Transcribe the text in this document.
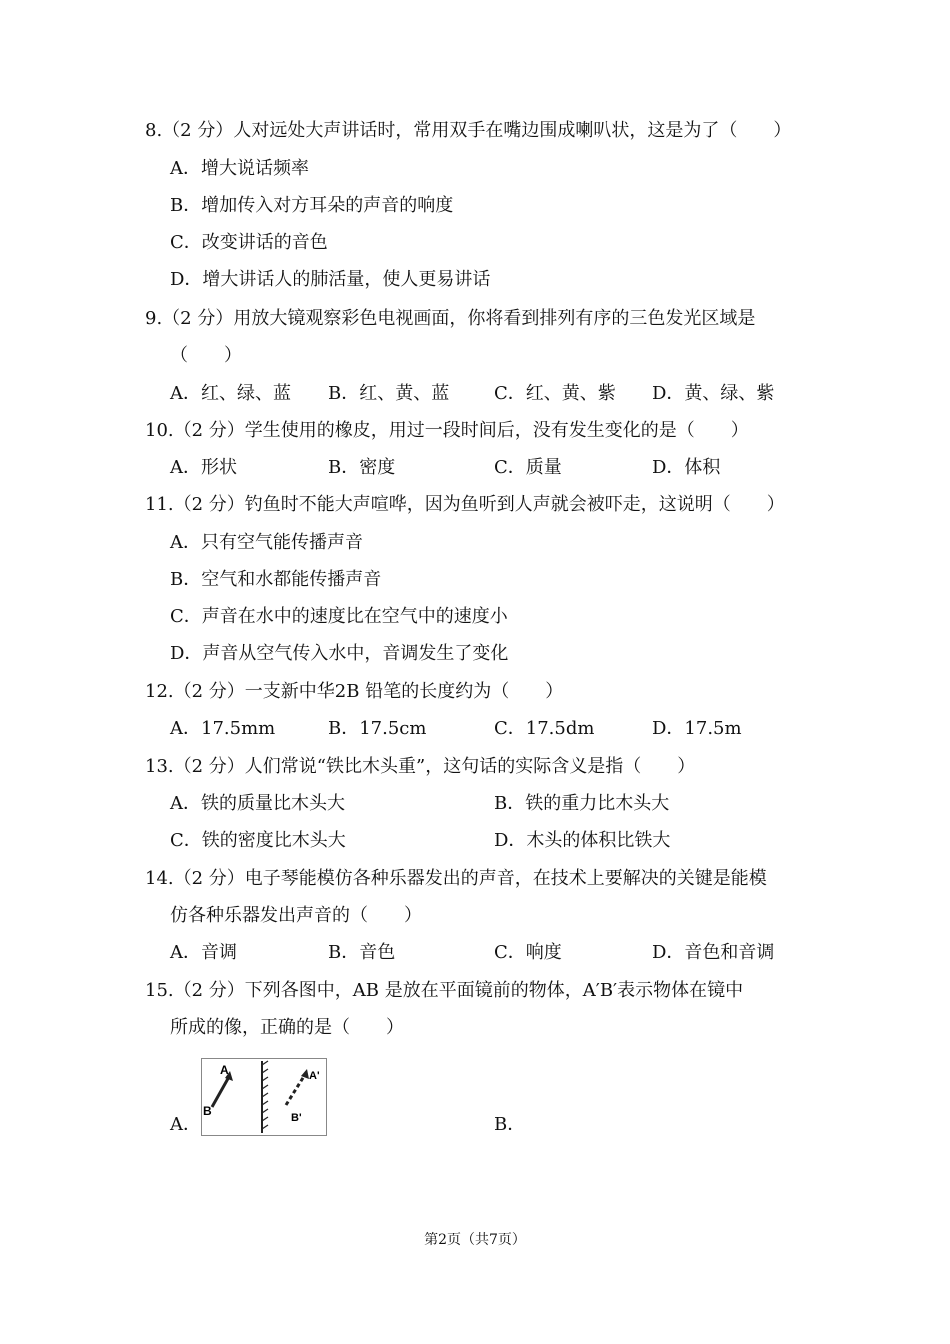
8.（2 分）人对远处大声讲话时，常用双手在嘴边围成喇叭状，这是为了（　　）
A．增大说话频率
B．增加传入对方耳朵的声音的响度
C．改变讲话的音色
D．增大讲话人的肺活量，使人更易讲话
9.（2 分）用放大镜观察彩色电视画面，你将看到排列有序的三色发光区域是
（　　）
A．红、绿、蓝 B．红、黄、蓝 C．红、黄、紫 D．黄、绿、紫
10.（2 分）学生使用的橡皮，用过一段时间后，没有发生变化的是（　　）
A．形状	B．密度	C．质量	D．体积
11.（2 分）钓鱼时不能大声喧哗，因为鱼听到人声就会被吓走，这说明（　　）
A．只有空气能传播声音
B．空气和水都能传播声音
C．声音在水中的速度比在空气中的速度小
D．声音从空气传入水中，音调发生了变化
12.（2 分）一支新中华2B 铅笔的长度约为（　　）
A．17.5mm	B．17.5cm	C．17.5dm	D．17.5m
13.（2 分）人们常说“铁比木头重”，这句话的实际含义是指（　　）
A．铁的质量比木头大	B．铁的重力比木头大
C．铁的密度比木头大	D．木头的体积比铁大
14.（2 分）电子琴能模仿各种乐器发出的声音，在技术上要解决的关键是能模
仿各种乐器发出声音的（　　）
A．音调	B．音色	C．响度	D．音色和音调
15.（2 分）下列各图中，AB 是放在平面镜前的物体，A′B′表示物体在镜中
所成的像，正确的是（　　）
A．	B．
A
B
A'
B'
第2页（共7页）
